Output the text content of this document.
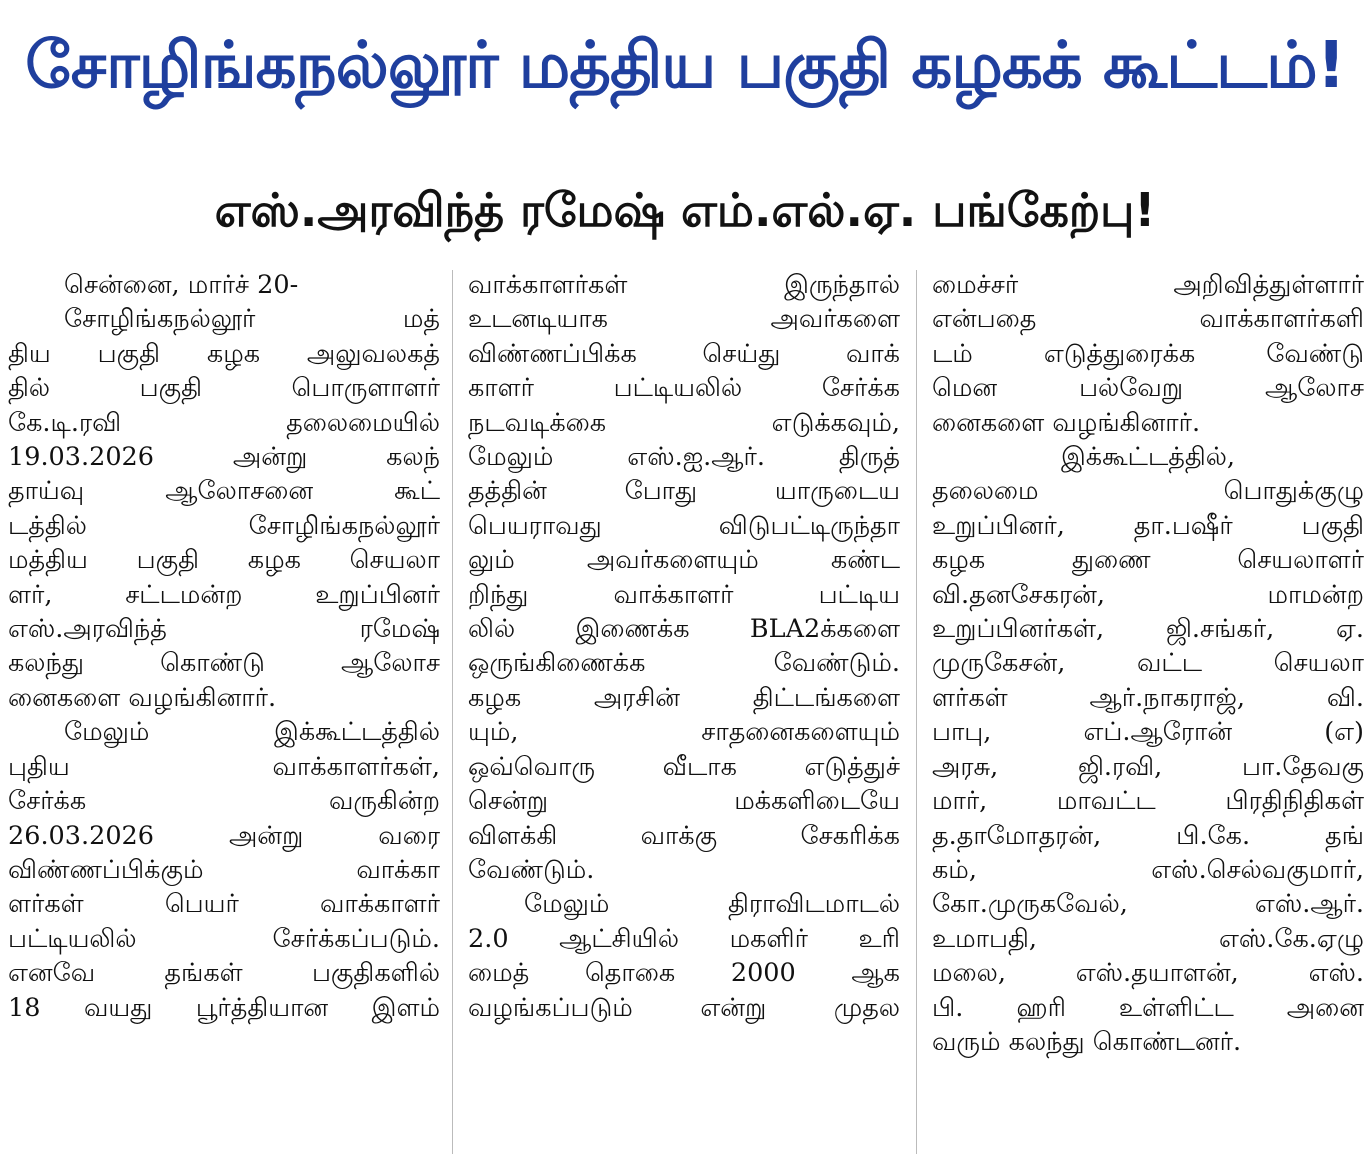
சோழிங்கநல்லூர் மத்திய பகுதி கழகக் கூட்டம்!
எஸ்.அரவிந்த் ரமேஷ் எம்.எல்.ஏ. பங்கேற்பு!
சென்னை, மார்ச் 20-
சோழிங்கநல்லூர் மத்
திய பகுதி கழக அலுவலகத்
தில் பகுதி பொருளாளர்
கே.டி.ரவி தலைமையில்
19.03.2026 அன்று கலந்
தாய்வு ஆலோசனை கூட்
டத்தில் சோழிங்கநல்லூர்
மத்திய பகுதி கழக செயலா
ளர், சட்டமன்ற உறுப்பினர்
எஸ்.அரவிந்த் ரமேஷ்
கலந்து கொண்டு ஆலோச
னைகளை வழங்கினார்.
மேலும் இக்கூட்டத்தில்
புதிய வாக்காளர்கள்,
சேர்க்க வருகின்ற
26.03.2026 அன்று வரை
விண்ணப்பிக்கும் வாக்கா
ளர்கள் பெயர் வாக்காளர்
பட்டியலில் சேர்க்கப்படும்.
எனவே தங்கள் பகுதிகளில்
18 வயது பூர்த்தியான இளம்
வாக்காளர்கள் இருந்தால்
உடனடியாக அவர்களை
விண்ணப்பிக்க செய்து வாக்
காளர் பட்டியலில் சேர்க்க
நடவடிக்கை எடுக்கவும்,
மேலும் எஸ்.ஐ.ஆர். திருத்
தத்தின் போது யாருடைய
பெயராவது விடுபட்டிருந்தா
லும் அவர்களையும் கண்ட
றிந்து வாக்காளர் பட்டிய
லில் இணைக்க BLA2க்களை
ஒருங்கிணைக்க வேண்டும்.
கழக அரசின் திட்டங்களை
யும், சாதனைகளையும்
ஒவ்வொரு வீடாக எடுத்துச்
சென்று மக்களிடையே
விளக்கி வாக்கு சேகரிக்க
வேண்டும்.
மேலும் திராவிடமாடல்
2.0 ஆட்சியில் மகளிர் உரி
மைத் தொகை 2000 ஆக
வழங்கப்படும் என்று முதல
மைச்சர் அறிவித்துள்ளார்
என்பதை வாக்காளர்களி
டம் எடுத்துரைக்க வேண்டு
மென பல்வேறு ஆலோச
னைகளை வழங்கினார்.
இக்கூட்டத்தில்,
தலைமை பொதுக்குழு
உறுப்பினர், தா.பஷீர் பகுதி
கழக துணை செயலாளர்
வி.தனசேகரன், மாமன்ற
உறுப்பினர்கள், ஜி.சங்கர், ஏ.
முருகேசன், வட்ட செயலா
ளர்கள் ஆர்.நாகராஜ், வி.
பாபு, எப்.ஆரோன் (எ)
அரசு, ஜி.ரவி, பா.தேவகு
மார், மாவட்ட பிரதிநிதிகள்
த.தாமோதரன், பி.கே. தங்
கம், எஸ்.செல்வகுமார்,
கோ.முருகவேல், எஸ்.ஆர்.
உமாபதி, எஸ்.கே.ஏழு
மலை, எஸ்.தயாளன், எஸ்.
பி. ஹரி உள்ளிட்ட அனை
வரும் கலந்து கொண்டனர்.
